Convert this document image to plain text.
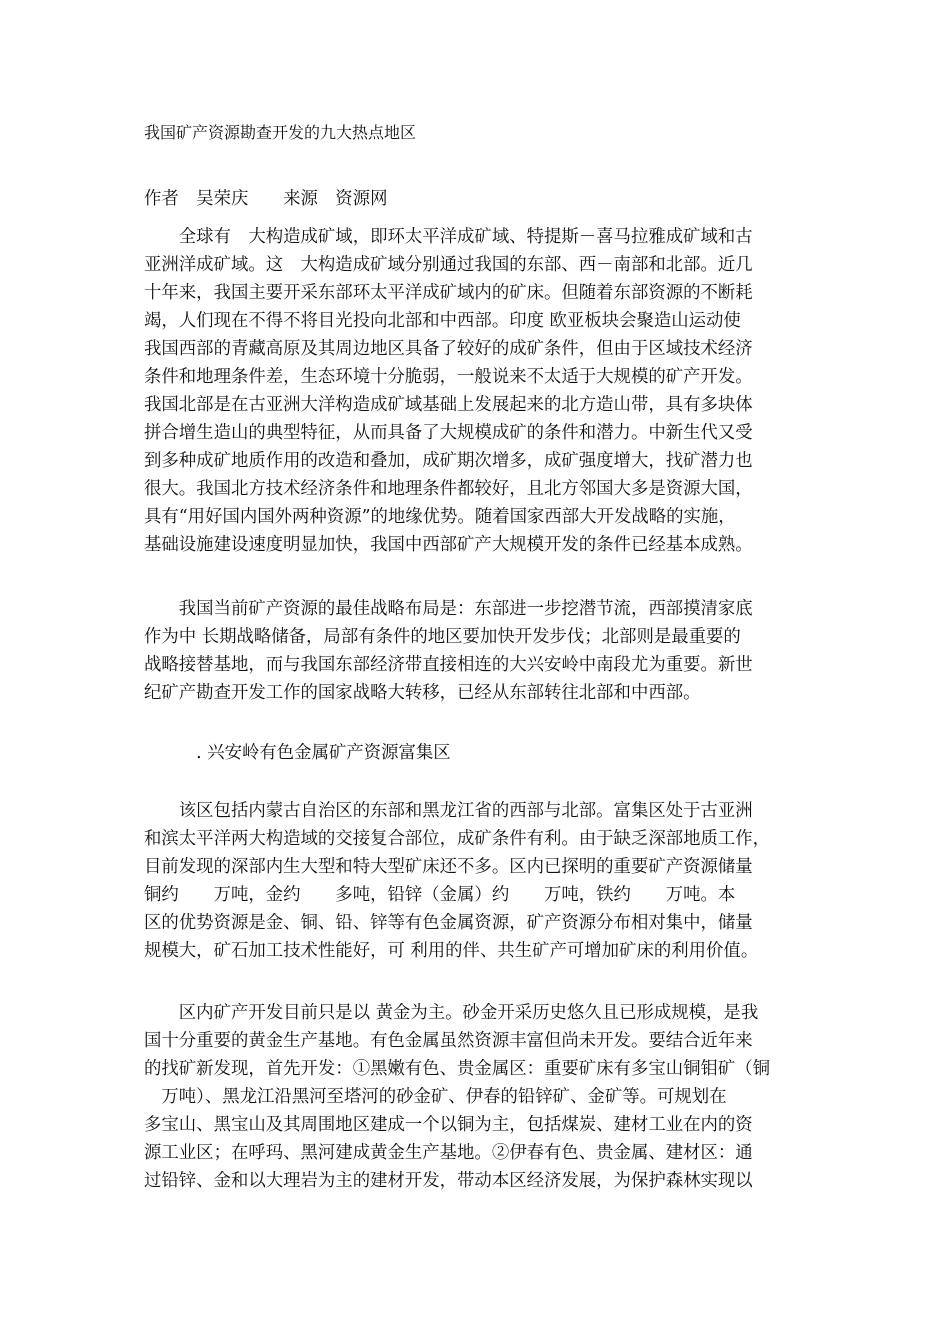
我国矿产资源勘查开发的九大热点地区
作者　吴荣庆　　来源　资源网
　　全球有　大构造成矿域，即环太平洋成矿域、特提斯－喜马拉雅成矿域和古
亚洲洋成矿域。这　大构造成矿域分别通过我国的东部、西－南部和北部。近几
十年来，我国主要开采东部环太平洋成矿域内的矿床。但随着东部资源的不断耗
竭，人们现在不得不将目光投向北部和中西部。印度 欧亚板块会聚造山运动使
我国西部的青藏高原及其周边地区具备了较好的成矿条件，但由于区域技术经济
条件和地理条件差，生态环境十分脆弱，一般说来不太适于大规模的矿产开发。
我国北部是在古亚洲大洋构造成矿域基础上发展起来的北方造山带，具有多块体
拼合增生造山的典型特征，从而具备了大规模成矿的条件和潜力。中新生代又受
到多种成矿地质作用的改造和叠加，成矿期次增多，成矿强度增大，找矿潜力也
很大。我国北方技术经济条件和地理条件都较好，且北方邻国大多是资源大国，
具有“用好国内国外两种资源”的地缘优势。随着国家西部大开发战略的实施，
基础设施建设速度明显加快，我国中西部矿产大规模开发的条件已经基本成熟。
　　我国当前矿产资源的最佳战略布局是：东部进一步挖潜节流，西部摸清家底
作为中 长期战略储备，局部有条件的地区要加快开发步伐；北部则是最重要的
战略接替基地，而与我国东部经济带直接相连的大兴安岭中南段尤为重要。新世
纪矿产勘查开发工作的国家战略大转移，已经从东部转往北部和中西部。
　　　. 兴安岭有色金属矿产资源富集区
　　该区包括内蒙古自治区的东部和黑龙江省的西部与北部。富集区处于古亚洲
和滨太平洋两大构造域的交接复合部位，成矿条件有利。由于缺乏深部地质工作，
目前发现的深部内生大型和特大型矿床还不多。区内已探明的重要矿产资源储量
铜约　　万吨，金约　　多吨，铅锌（金属）约　　万吨，铁约　　万吨。本
区的优势资源是金、铜、铅、锌等有色金属资源，矿产资源分布相对集中，储量
规模大，矿石加工技术性能好，可 利用的伴、共生矿产可增加矿床的利用价值。
　　区内矿产开发目前只是以 黄金为主。砂金开采历史悠久且已形成规模，是我
国十分重要的黄金生产基地。有色金属虽然资源丰富但尚未开发。要结合近年来
的找矿新发现，首先开发：①黑嫩有色、贵金属区：重要矿床有多宝山铜钼矿（铜
　万吨）、黑龙江沿黑河至塔河的砂金矿、伊春的铅锌矿、金矿等。可规划在
多宝山、黑宝山及其周围地区建成一个以铜为主，包括煤炭、建材工业在内的资
源工业区；在呼玛、黑河建成黄金生产基地。②伊春有色、贵金属、建材区：通
过铅锌、金和以大理岩为主的建材开发，带动本区经济发展，为保护森林实现以
